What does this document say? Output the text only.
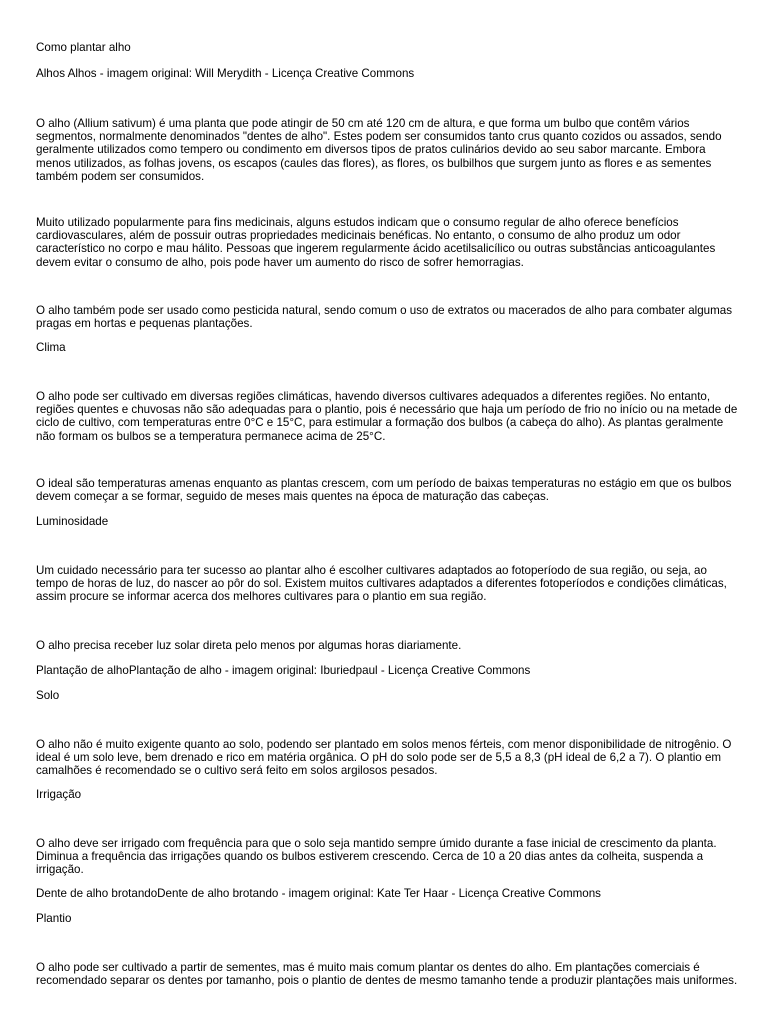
Como plantar alho

Alhos Alhos - imagem original: Will Merydith - Licença Creative Commons

O alho (Allium sativum) é uma planta que pode atingir de 50 cm até 120 cm de altura, e que forma um bulbo que contêm vários
segmentos, normalmente denominados "dentes de alho". Estes podem ser consumidos tanto crus quanto cozidos ou assados, sendo
geralmente utilizados como tempero ou condimento em diversos tipos de pratos culinários devido ao seu sabor marcante. Embora
menos utilizados, as folhas jovens, os escapos (caules das flores), as flores, os bulbilhos que surgem junto as flores e as sementes
também podem ser consumidos.

Muito utilizado popularmente para fins medicinais, alguns estudos indicam que o consumo regular de alho oferece benefícios
cardiovasculares, além de possuir outras propriedades medicinais benéficas. No entanto, o consumo de alho produz um odor
característico no corpo e mau hálito. Pessoas que ingerem regularmente ácido acetilsalicílico ou outras substâncias anticoagulantes
devem evitar o consumo de alho, pois pode haver um aumento do risco de sofrer hemorragias.

O alho também pode ser usado como pesticida natural, sendo comum o uso de extratos ou macerados de alho para combater algumas
pragas em hortas e pequenas plantações.

Clima

O alho pode ser cultivado em diversas regiões climáticas, havendo diversos cultivares adequados a diferentes regiões. No entanto,
regiões quentes e chuvosas não são adequadas para o plantio, pois é necessário que haja um período de frio no início ou na metade de
ciclo de cultivo, com temperaturas entre 0°C e 15°C, para estimular a formação dos bulbos (a cabeça do alho). As plantas geralmente
não formam os bulbos se a temperatura permanece acima de 25°C.

O ideal são temperaturas amenas enquanto as plantas crescem, com um período de baixas temperaturas no estágio em que os bulbos
devem começar a se formar, seguido de meses mais quentes na época de maturação das cabeças.

Luminosidade

Um cuidado necessário para ter sucesso ao plantar alho é escolher cultivares adaptados ao fotoperíodo de sua região, ou seja, ao
tempo de horas de luz, do nascer ao pôr do sol. Existem muitos cultivares adaptados a diferentes fotoperíodos e condições climáticas,
assim procure se informar acerca dos melhores cultivares para o plantio em sua região.

O alho precisa receber luz solar direta pelo menos por algumas horas diariamente.

Plantação de alhoPlantação de alho - imagem original: Iburiedpaul - Licença Creative Commons

Solo

O alho não é muito exigente quanto ao solo, podendo ser plantado em solos menos férteis, com menor disponibilidade de nitrogênio. O
ideal é um solo leve, bem drenado e rico em matéria orgânica. O pH do solo pode ser de 5,5 a 8,3 (pH ideal de 6,2 a 7). O plantio em
camalhões é recomendado se o cultivo será feito em solos argilosos pesados.

Irrigação

O alho deve ser irrigado com frequência para que o solo seja mantido sempre úmido durante a fase inicial de crescimento da planta.
Diminua a frequência das irrigações quando os bulbos estiverem crescendo. Cerca de 10 a 20 dias antes da colheita, suspenda a
irrigação.

Dente de alho brotandoDente de alho brotando - imagem original: Kate Ter Haar - Licença Creative Commons

Plantio

O alho pode ser cultivado a partir de sementes, mas é muito mais comum plantar os dentes do alho. Em plantações comerciais é
recomendado separar os dentes por tamanho, pois o plantio de dentes de mesmo tamanho tende a produzir plantações mais uniformes.
